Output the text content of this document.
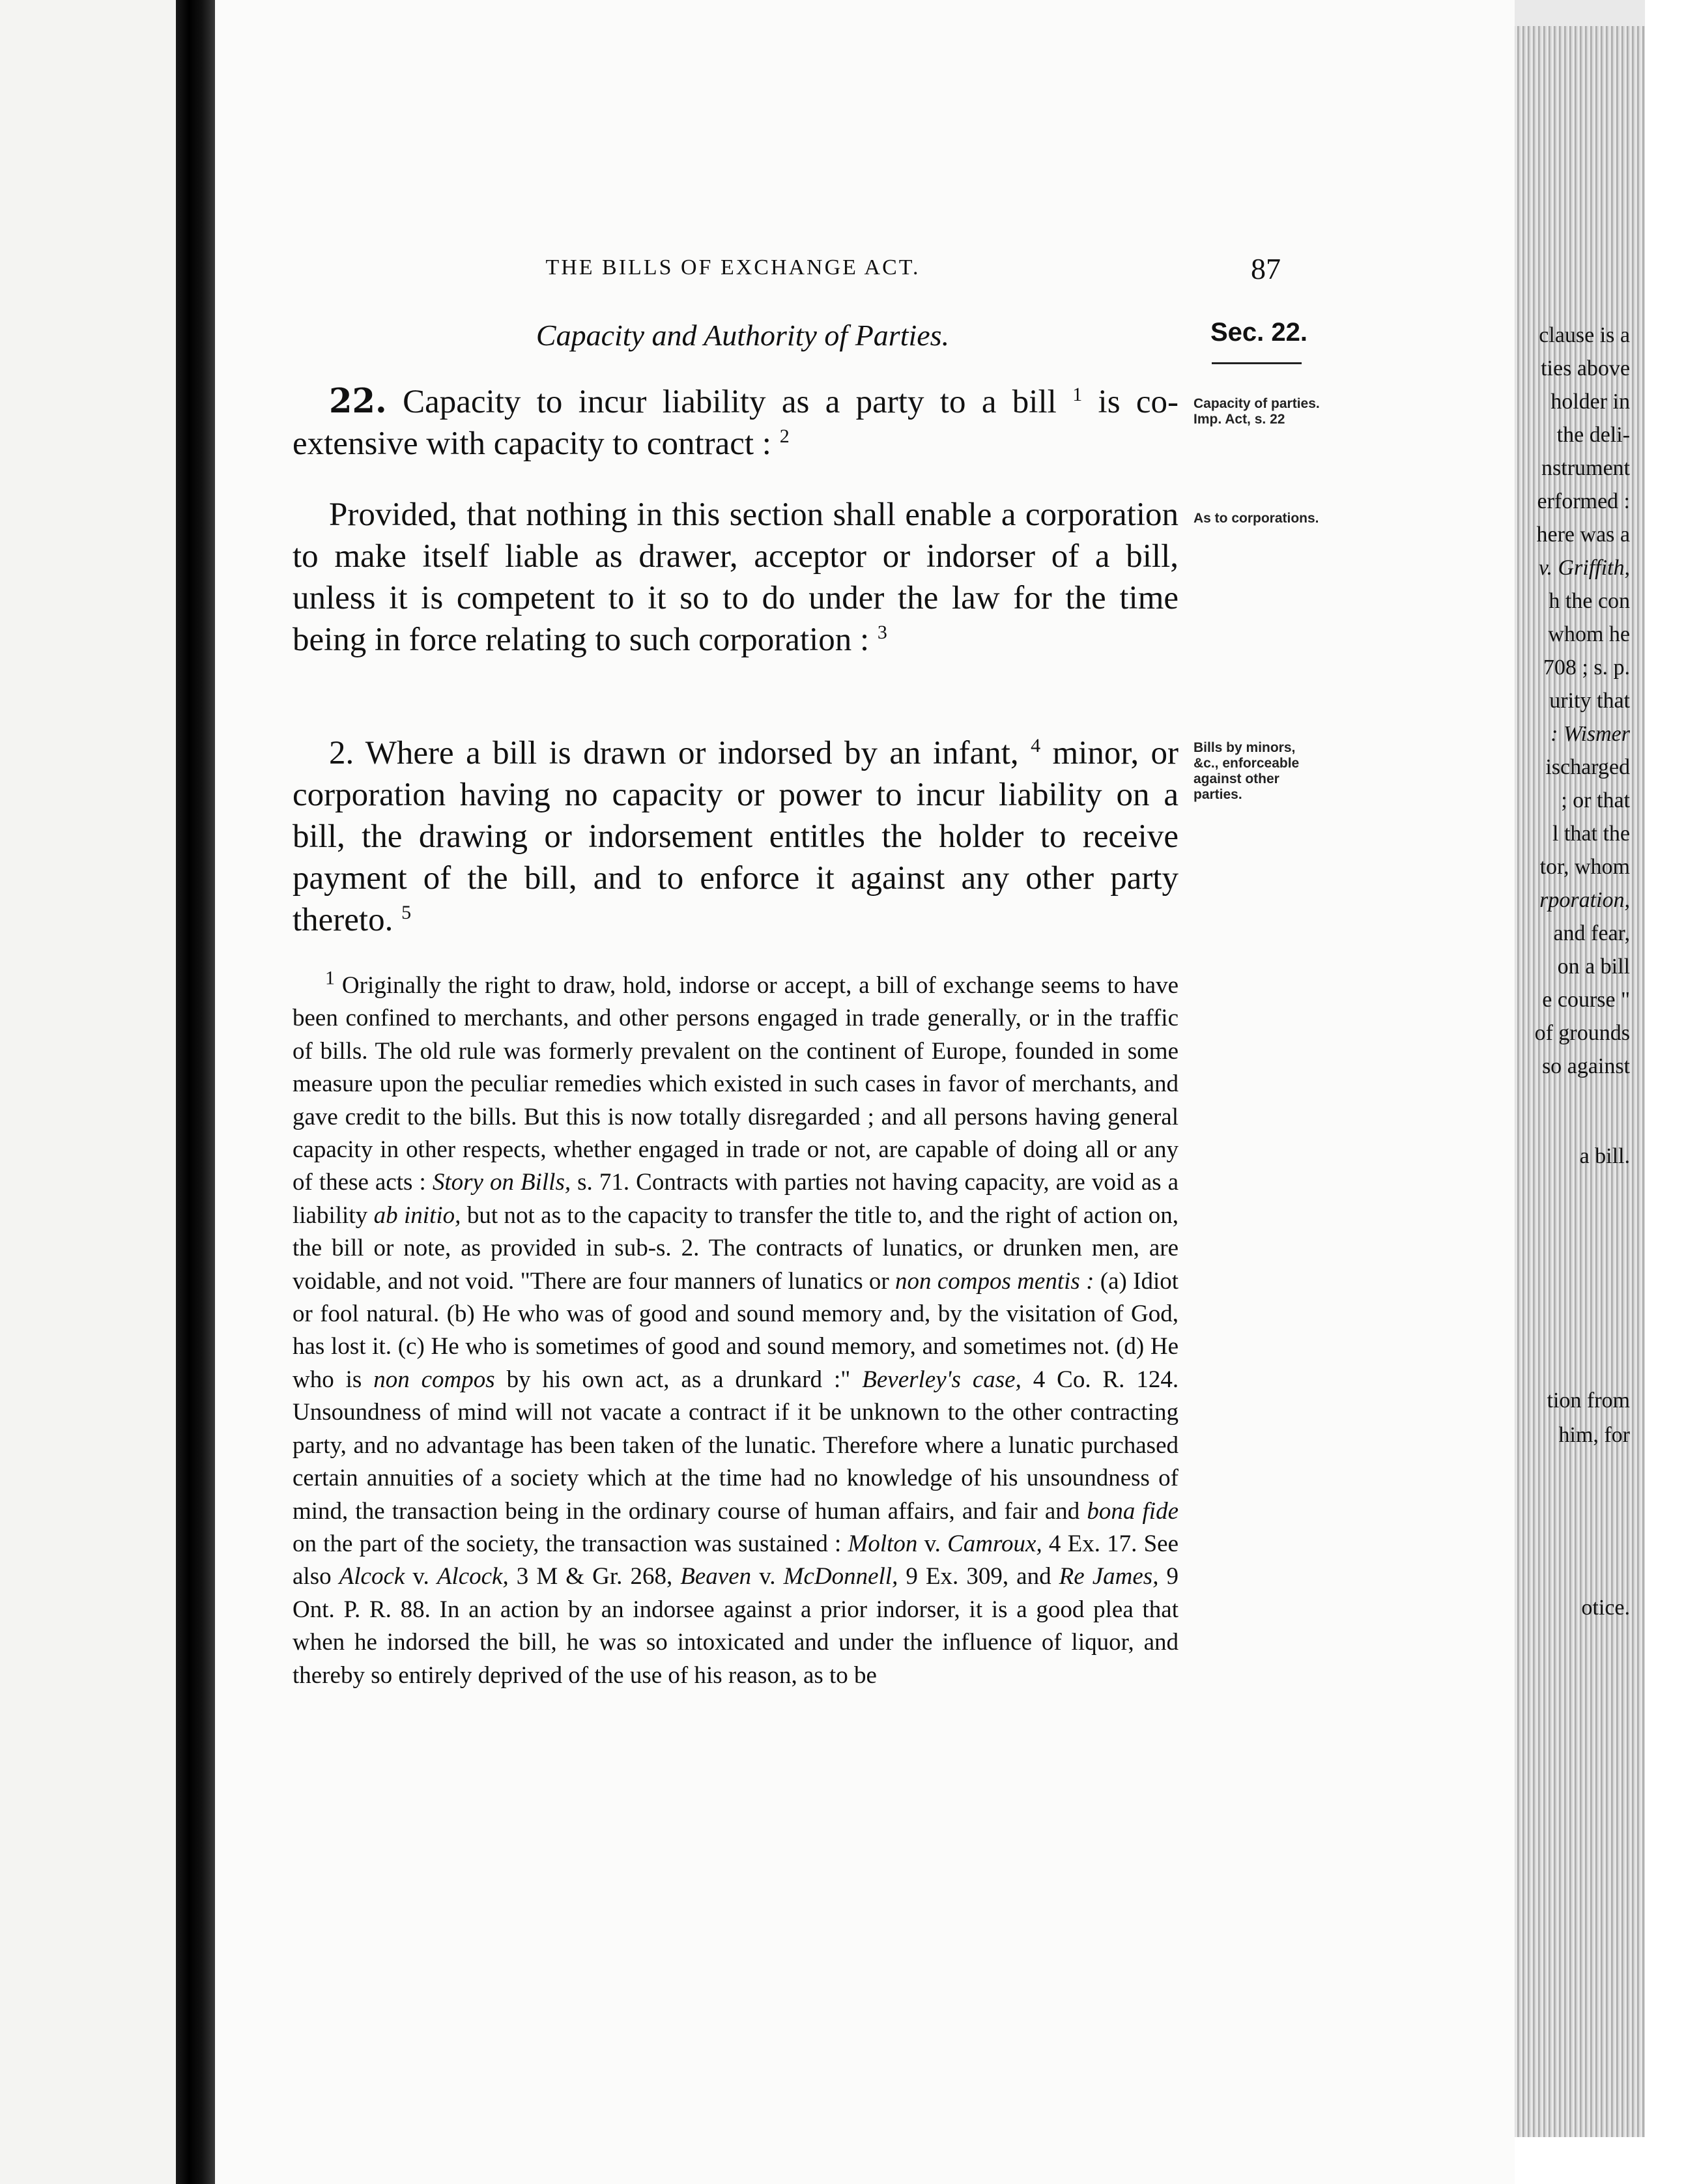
clause is a
ties above
holder in
the deli-
nstrument
erformed :
here was a
v. Griffith,
h the con
whom he
708 ; s. p.
urity that
: Wismer
ischarged
; or that
l that the
tor, whom
rporation,
and fear,
on a bill
e course "
of grounds
so against
a bill.
tion from
him, for
otice.
THE BILLS OF EXCHANGE ACT.	87
Capacity and Authority of Parties.	Sec. 22.
22. Capacity to incur liability as a party to a bill $^1$ is co-extensive with capacity to contract : $^2$
Provided, that nothing in this section shall enable a corporation to make itself liable as drawer, acceptor or indorser of a bill, unless it is competent to it so to do under the law for the time being in force relating to such corporation : $^3$
2. Where a bill is drawn or indorsed by an infant, $^4$ minor, or corporation having no capacity or power to incur liability on a bill, the drawing or indorsement entitles the holder to receive payment of the bill, and to enforce it against any other party thereto. $^5$
Capacity of parties. Imp. Act, s. 22
As to corporations.
Bills by minors, &c., enforceable against other parties.
$^1$ Originally the right to draw, hold, indorse or accept, a bill of exchange seems to have been confined to merchants, and other persons engaged in trade generally, or in the traffic of bills. The old rule was formerly prevalent on the continent of Europe, founded in some measure upon the peculiar remedies which existed in such cases in favor of merchants, and gave credit to the bills. But this is now totally disregarded ; and all persons having general capacity in other respects, whether engaged in trade or not, are capable of doing all or any of these acts : Story on Bills, s. 71. Contracts with parties not having capacity, are void as a liability ab initio, but not as to the capacity to transfer the title to, and the right of action on, the bill or note, as provided in sub-s. 2. The contracts of lunatics, or drunken men, are voidable, and not void. "There are four manners of lunatics or non compos mentis : (a) Idiot or fool natural. (b) He who was of good and sound memory and, by the visitation of God, has lost it. (c) He who is sometimes of good and sound memory, and sometimes not. (d) He who is non compos by his own act, as a drunkard :" Beverley's case, 4 Co. R. 124. Unsoundness of mind will not vacate a contract if it be unknown to the other contracting party, and no advantage has been taken of the lunatic. Therefore where a lunatic purchased certain annuities of a society which at the time had no knowledge of his unsoundness of mind, the transaction being in the ordinary course of human affairs, and fair and bona fide on the part of the society, the transaction was sustained : Molton v. Camroux, 4 Ex. 17. See also Alcock v. Alcock, 3 M & Gr. 268, Beaven v. McDonnell, 9 Ex. 309, and Re James, 9 Ont. P. R. 88. In an action by an indorsee against a prior indorser, it is a good plea that when he indorsed the bill, he was so intoxicated and under the influence of liquor, and thereby so entirely deprived of the use of his reason, as to be
